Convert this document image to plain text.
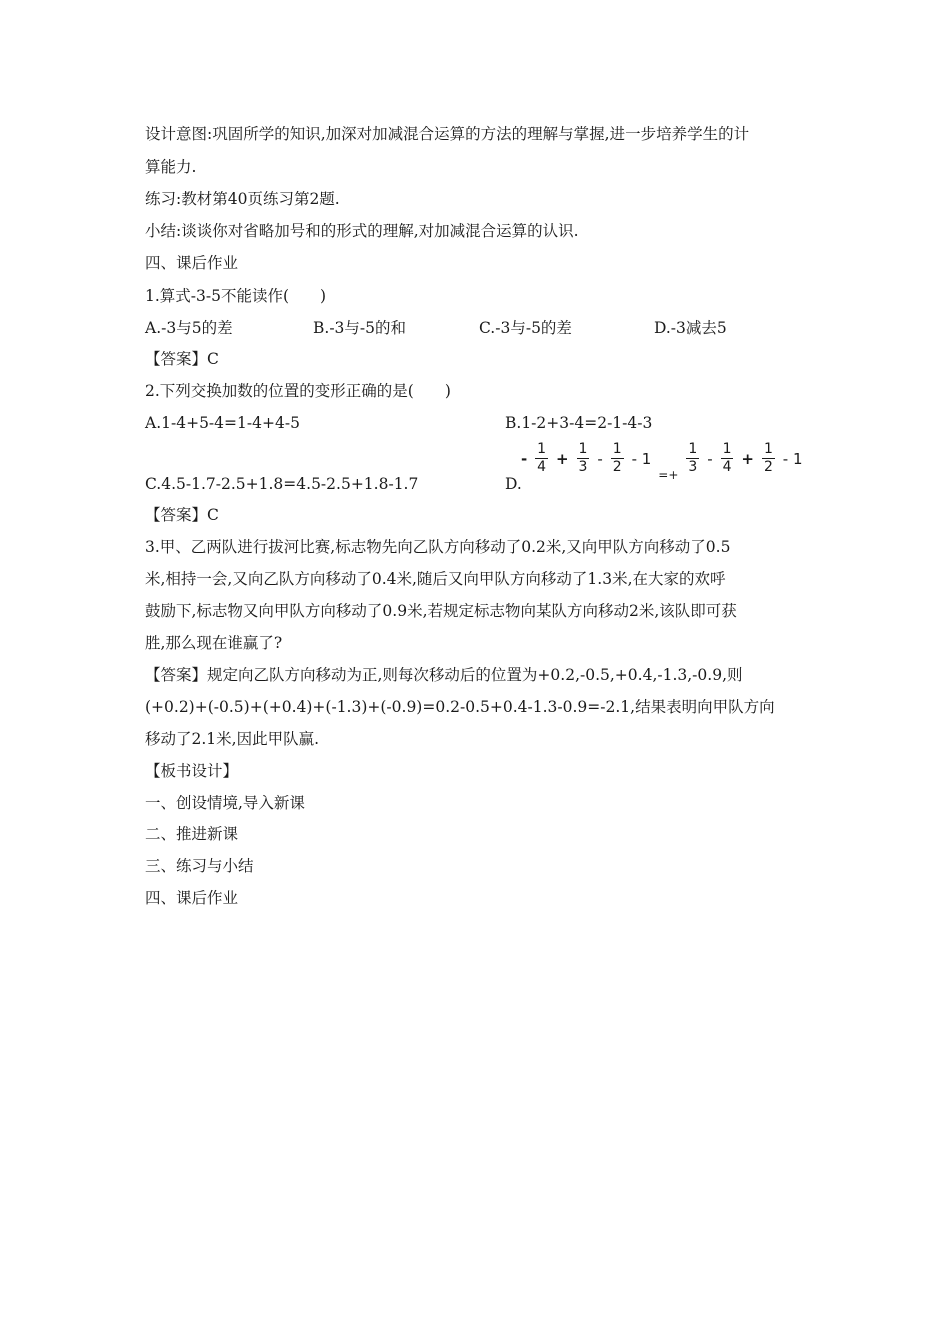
设计意图:巩固所学的知识,加深对加减混合运算的方法的理解与掌握,进一步培养学生的计
算能力.
练习:教材第40页练习第2题.
小结:谈谈你对省略加号和的形式的理解,对加减混合运算的认识.
四、课后作业
1.算式-3-5不能读作(　　)
A.-3与5的差	B.-3与-5的和	C.-3与-5的差	D.-3减去5
【答案】C
2.下列交换加数的位置的变形正确的是(　　)
A.1-4+5-4=1-4+4-5	B.1-2+3-4=2-1-4-3
C.4.5-1.7-2.5+1.8=4.5-2.5+1.8-1.7	D.
- $\frac{1}{4} + \frac{1}{3} - \frac{1}{2} - 1$ $_{=+} \frac{1}{3} - \frac{1}{4} + \frac{1}{2} - 1$
【答案】C
3.甲、乙两队进行拔河比赛,标志物先向乙队方向移动了0.2米,又向甲队方向移动了0.5
米,相持一会,又向乙队方向移动了0.4米,随后又向甲队方向移动了1.3米,在大家的欢呼
鼓励下,标志物又向甲队方向移动了0.9米,若规定标志物向某队方向移动2米,该队即可获
胜,那么现在谁赢了?
【答案】规定向乙队方向移动为正,则每次移动后的位置为+0.2,-0.5,+0.4,-1.3,-0.9,则
(+0.2)+(-0.5)+(+0.4)+(-1.3)+(-0.9)=0.2-0.5+0.4-1.3-0.9=-2.1,结果表明向甲队方向
移动了2.1米,因此甲队赢.
【板书设计】
一、创设情境,导入新课
二、推进新课
三、练习与小结
四、课后作业
